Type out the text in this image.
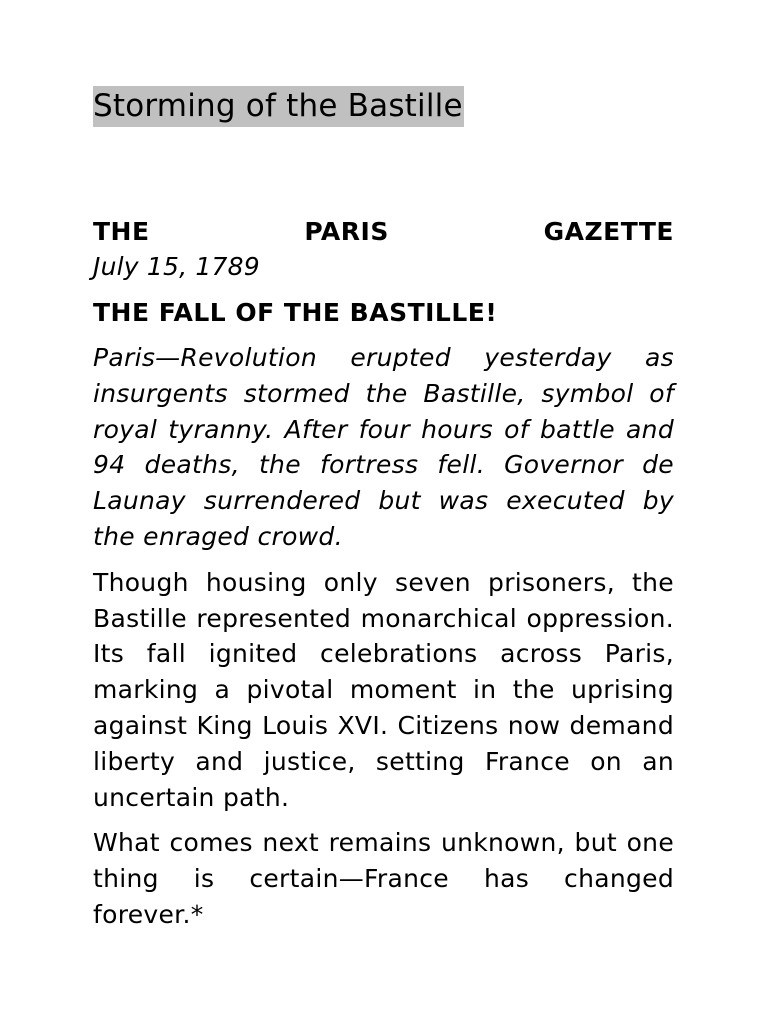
Storming of the Bastille
THE PARIS GAZETTE
July 15, 1789
THE FALL OF THE BASTILLE!

Paris—Revolution erupted yesterday as insurgents stormed the Bastille, symbol of royal tyranny. After four hours of battle and 94 deaths, the fortress fell. Governor de Launay surrendered but was executed by the enraged crowd.

Though housing only seven prisoners, the Bastille represented monarchical oppression. Its fall ignited celebrations across Paris, marking a pivotal moment in the uprising against King Louis XVI. Citizens now demand liberty and justice, setting France on an uncertain path.

What comes next remains unknown, but one thing is certain—France has changed forever.*
